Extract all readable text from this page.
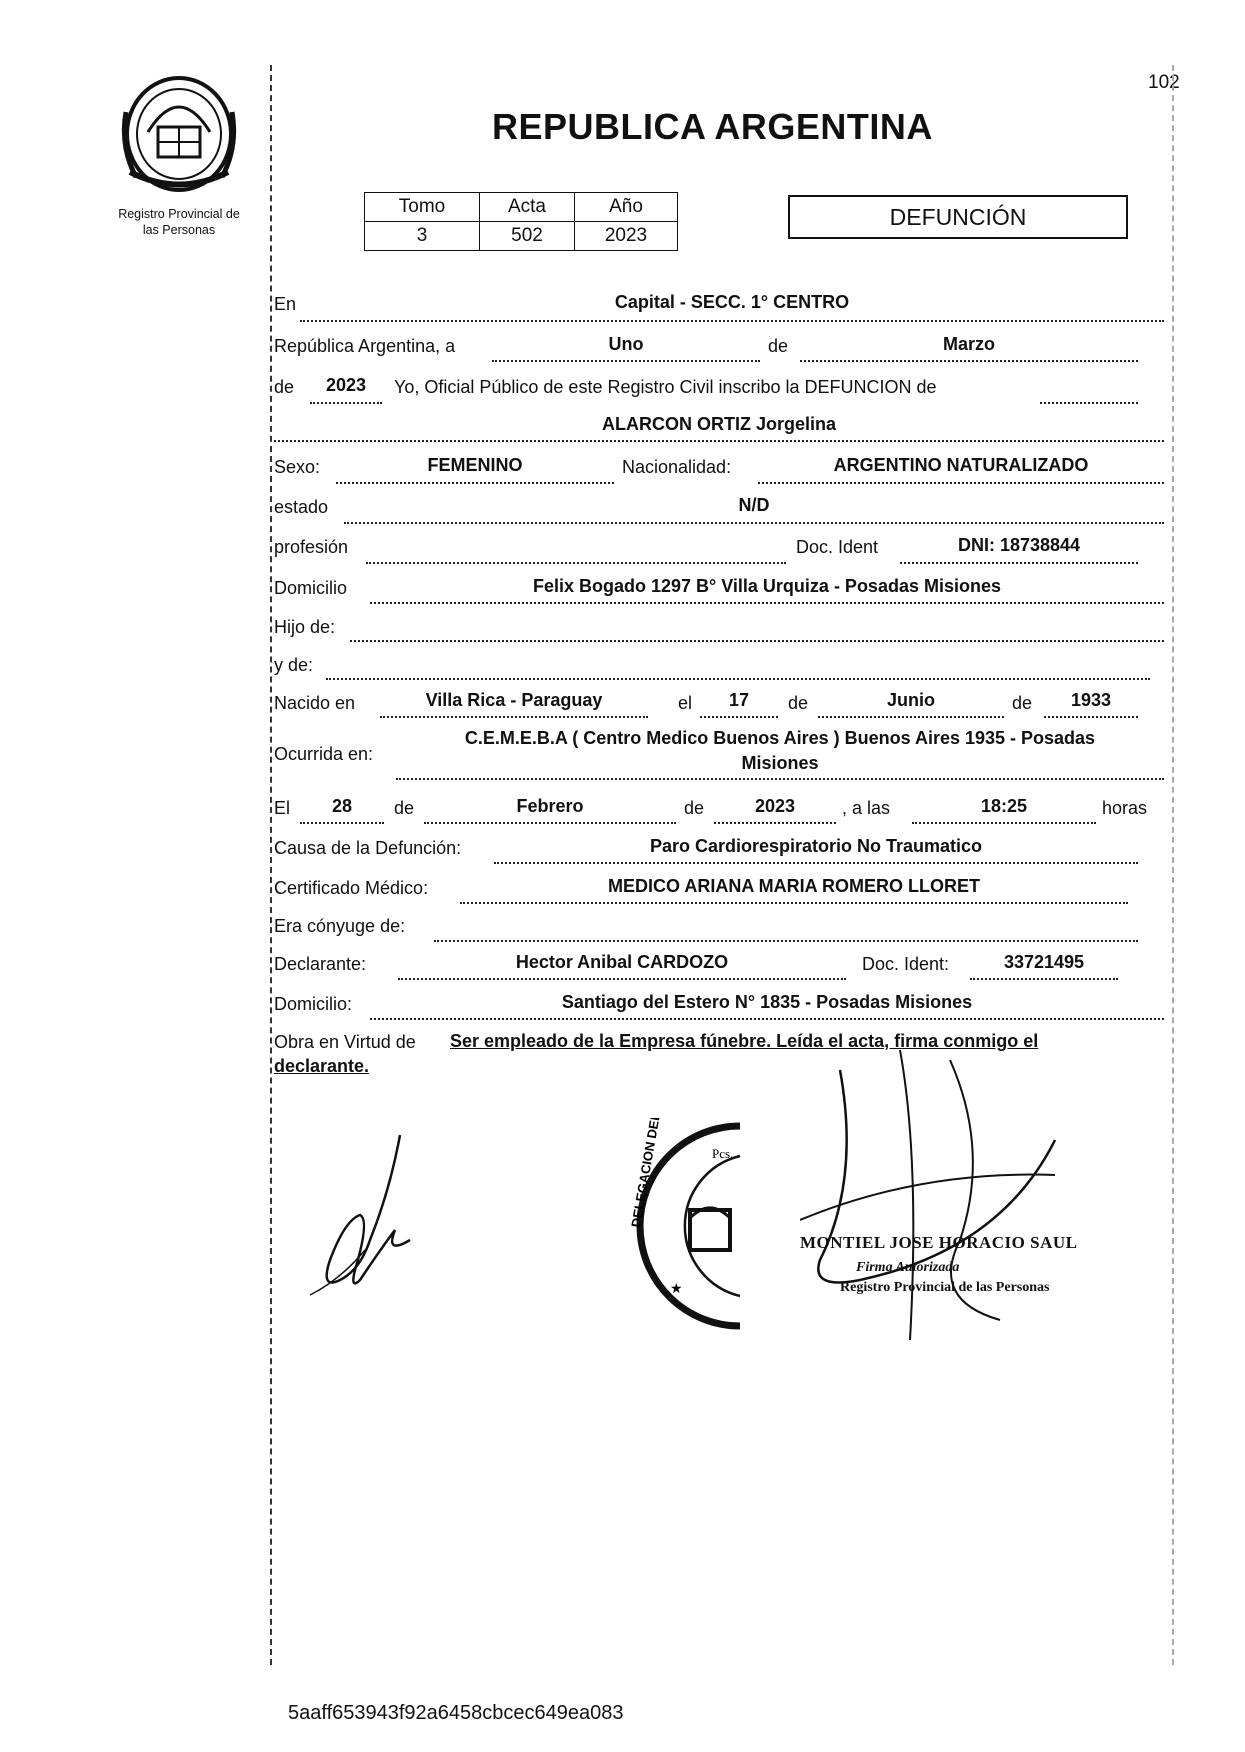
102
REPUBLICA ARGENTINA
Registro Provincial de
las Personas
Tomo	Acta	Año
3	502	2023
DEFUNCIÓN
En	Capital - SECC. 1° CENTRO
República Argentina, a	Uno	de	Marzo
de	2023	Yo, Oficial Público de este Registro Civil inscribo la DEFUNCION de
ALARCON ORTIZ Jorgelina
Sexo:	FEMENINO	Nacionalidad:	ARGENTINO NATURALIZADO
estado	N/D
profesión	Doc. Ident	DNI: 18738844
Domicilio	Felix Bogado 1297 B° Villa Urquiza - Posadas Misiones
Hijo de:
y de:
Nacido en	Villa Rica - Paraguay	el	17	de	Junio	de	1933
Ocurrida en:
C.E.M.E.B.A ( Centro Medico Buenos Aires ) Buenos Aires 1935 - Posadas
Misiones
El	28	de	Febrero	de	2023	, a las	18:25	horas
Causa de la Defunción:	Paro Cardiorespiratorio No Traumatico
Certificado Médico:	MEDICO ARIANA MARIA ROMERO LLORET
Era cónyuge de:
Declarante:	Hector Anibal CARDOZO	Doc. Ident:	33721495
Domicilio:	Santiago del Estero N° 1835 - Posadas Misiones
Obra en Virtud de Ser empleado de la Empresa fúnebre. Leída el acta, firma conmigo el
declarante.	DELEGACION DEL REGISTRO	Pcs.
★
MONTIEL JOSE HORACIO SAUL
Firma Autorizada
Registro Provincial de las Personas
5aaff653943f92a6458cbcec649ea083
